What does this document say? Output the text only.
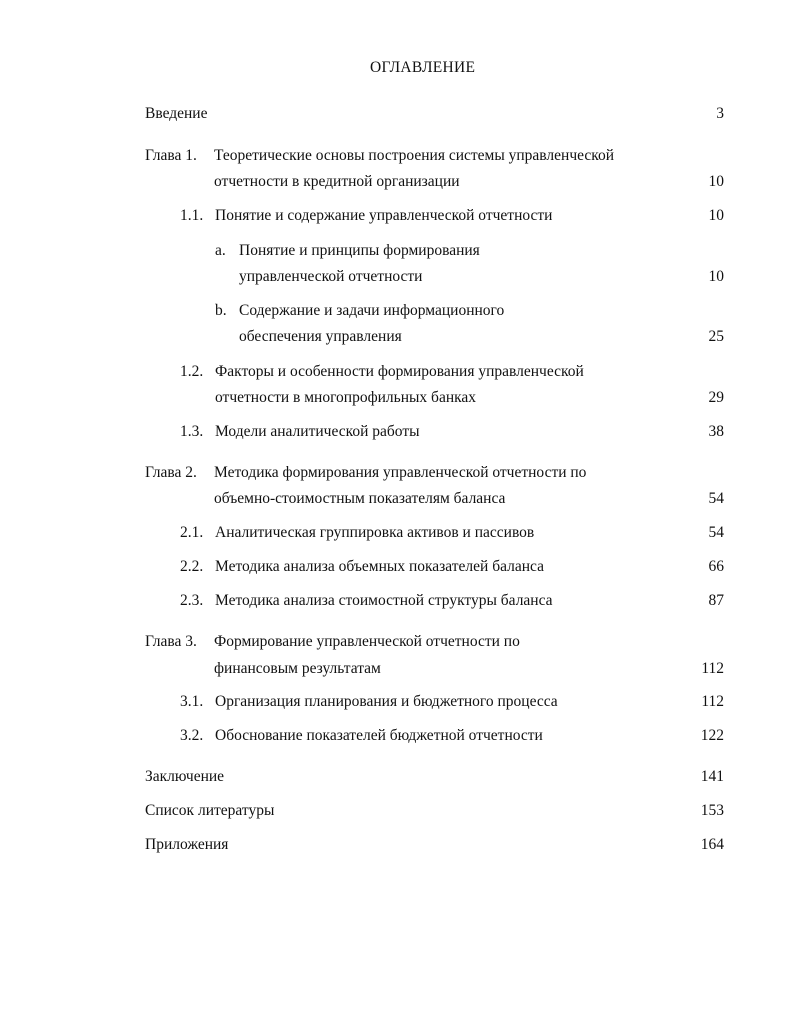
ОГЛАВЛЕНИЕ
Введение	3
Глава 1. Теоретические основы построения системы управленческой
отчетности в кредитной организации	10
1.1. Понятие и содержание управленческой отчетности	10
a. Понятие и принципы формирования
управленческой отчетности	10
b. Содержание и задачи информационного
обеспечения управления	25
1.2. Факторы и особенности формирования управленческой
отчетности в многопрофильных банках	29
1.3. Модели аналитической работы	38
Глава 2. Методика формирования управленческой отчетности по
объемно-стоимостным показателям баланса	54
2.1. Аналитическая группировка активов и пассивов	54
2.2. Методика анализа объемных показателей баланса	66
2.3. Методика анализа стоимостной структуры баланса	87
Глава 3. Формирование управленческой отчетности по
финансовым результатам	112
3.1. Организация планирования и бюджетного процесса	112
3.2. Обоснование показателей бюджетной отчетности	122
Заключение	141
Список литературы	153
Приложения	164
